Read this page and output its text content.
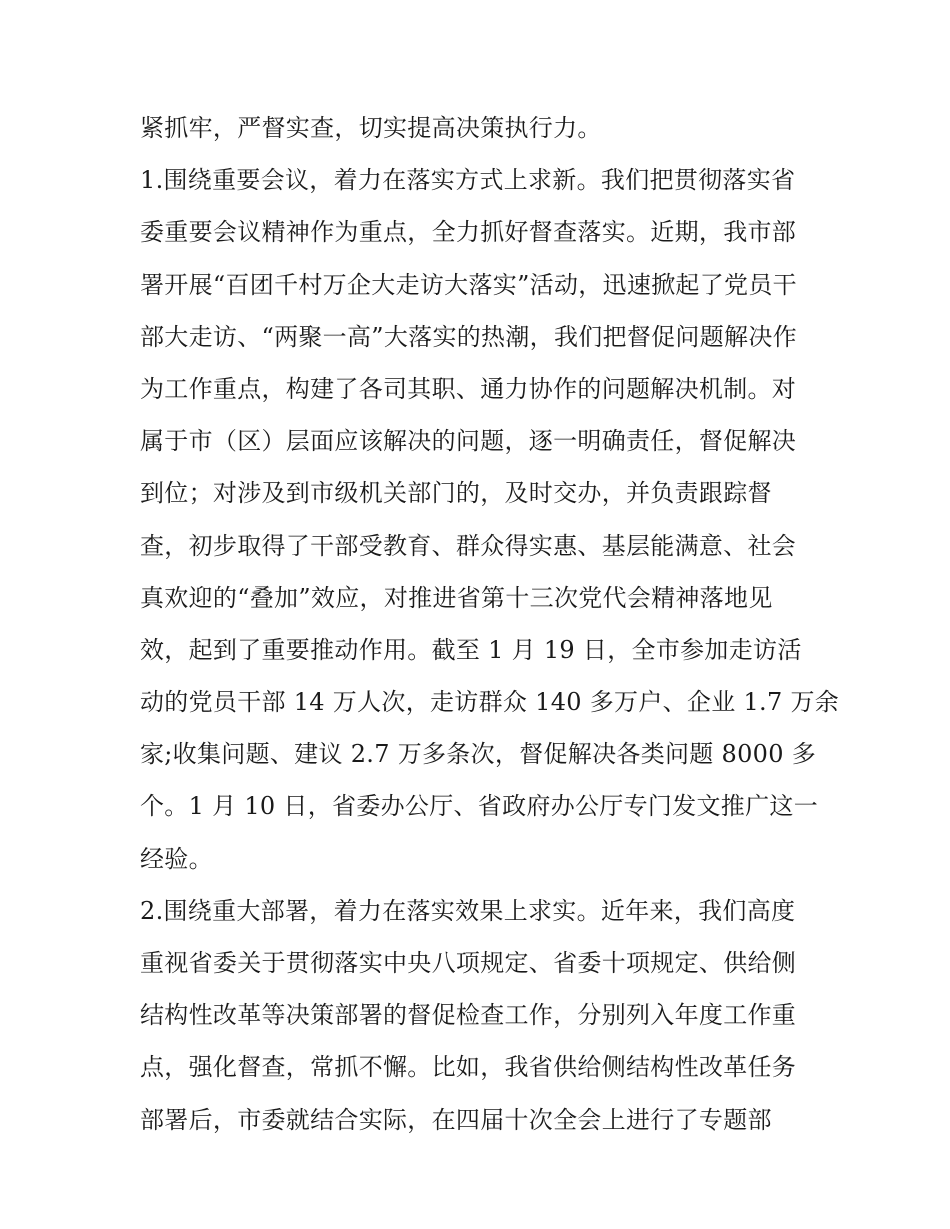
紧抓牢，严督实查，切实提高决策执行力。
1.围绕重要会议，着力在落实方式上求新。我们把贯彻落实省
委重要会议精神作为重点，全力抓好督查落实。近期，我市部
署开展“百团千村万企大走访大落实”活动，迅速掀起了党员干
部大走访、“两聚一高”大落实的热潮，我们把督促问题解决作
为工作重点，构建了各司其职、通力协作的问题解决机制。对
属于市（区）层面应该解决的问题，逐一明确责任，督促解决
到位；对涉及到市级机关部门的，及时交办，并负责跟踪督
查，初步取得了干部受教育、群众得实惠、基层能满意、社会
真欢迎的“叠加”效应，对推进省第十三次党代会精神落地见
效，起到了重要推动作用。截至 1 月 19 日，全市参加走访活
动的党员干部 14 万人次，走访群众 140 多万户、企业 1.7 万余
家;收集问题、建议 2.7 万多条次，督促解决各类问题 8000 多
个。1 月 10 日，省委办公厅、省政府办公厅专门发文推广这一
经验。
2.围绕重大部署，着力在落实效果上求实。近年来，我们高度
重视省委关于贯彻落实中央八项规定、省委十项规定、供给侧
结构性改革等决策部署的督促检查工作，分别列入年度工作重
点，强化督查，常抓不懈。比如，我省供给侧结构性改革任务
部署后，市委就结合实际，在四届十次全会上进行了专题部
